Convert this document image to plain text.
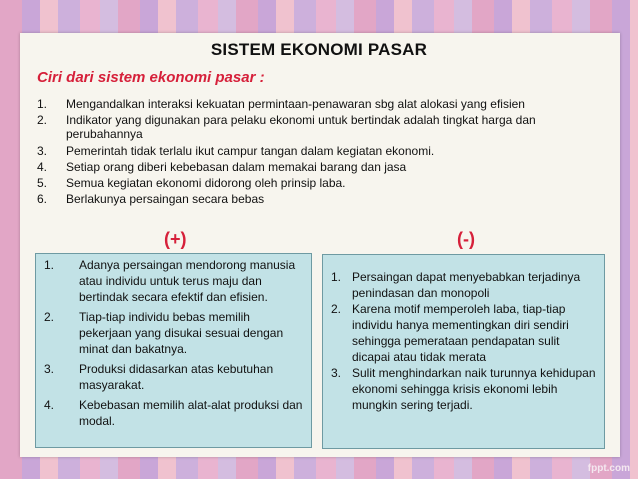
SISTEM EKONOMI PASAR
Ciri dari sistem ekonomi pasar :
1.	Mengandalkan interaksi kekuatan permintaan-penawaran sbg alat alokasi yang efisien
2.	Indikator yang digunakan para pelaku ekonomi untuk bertindak adalah tingkat harga dan perubahannya
3.	Pemerintah tidak terlalu ikut campur tangan dalam kegiatan ekonomi.
4.	Setiap orang diberi kebebasan dalam memakai barang dan jasa
5.	Semua kegiatan ekonomi didorong oleh prinsip laba.
6.	Berlakunya persaingan secara bebas
(+)	(-)
1.	Adanya persaingan mendorong manusia atau individu untuk terus maju dan bertindak secara efektif dan efisien.
2.	Tiap-tiap individu bebas memilih pekerjaan yang disukai sesuai dengan minat dan bakatnya.
3.	Produksi didasarkan atas kebutuhan masyarakat.
4.	Kebebasan memilih alat-alat produksi dan modal.
1. Persaingan dapat menyebabkan terjadinya penindasan dan monopoli
2. Karena motif memperoleh laba, tiap-tiap individu hanya mementingkan diri sendiri sehingga pemerataan pendapatan sulit dicapai atau tidak merata
3. Sulit menghindarkan naik turunnya kehidupan ekonomi sehingga krisis ekonomi lebih mungkin sering terjadi.
fppt.com
